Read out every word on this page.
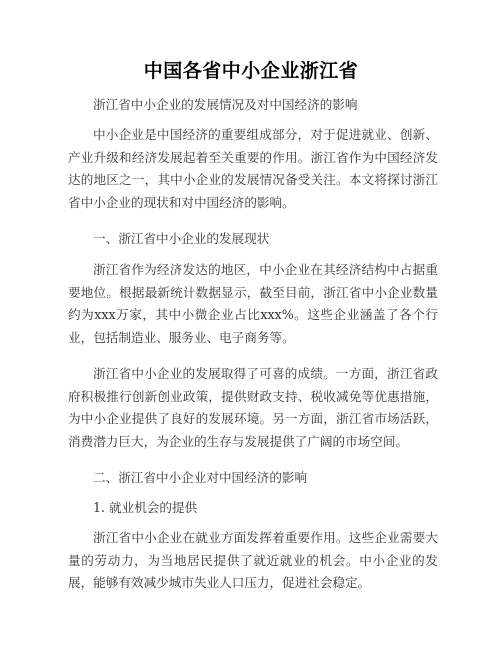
中国各省中小企业浙江省

浙江省中小企业的发展情况及对中国经济的影响

中小企业是中国经济的重要组成部分，对于促进就业、创新、产业升级和经济发展起着至关重要的作用。浙江省作为中国经济发达的地区之一，其中小企业的发展情况备受关注。本文将探讨浙江省中小企业的现状和对中国经济的影响。

一、浙江省中小企业的发展现状

浙江省作为经济发达的地区，中小企业在其经济结构中占据重要地位。根据最新统计数据显示，截至目前，浙江省中小企业数量约为xxx万家，其中小微企业占比xxx%。这些企业涵盖了各个行业，包括制造业、服务业、电子商务等。

浙江省中小企业的发展取得了可喜的成绩。一方面，浙江省政府积极推行创新创业政策，提供财政支持、税收减免等优惠措施，为中小企业提供了良好的发展环境。另一方面，浙江省市场活跃，消费潜力巨大，为企业的生存与发展提供了广阔的市场空间。

二、浙江省中小企业对中国经济的影响

1. 就业机会的提供

浙江省中小企业在就业方面发挥着重要作用。这些企业需要大量的劳动力，为当地居民提供了就近就业的机会。中小企业的发展，能够有效减少城市失业人口压力，促进社会稳定。
